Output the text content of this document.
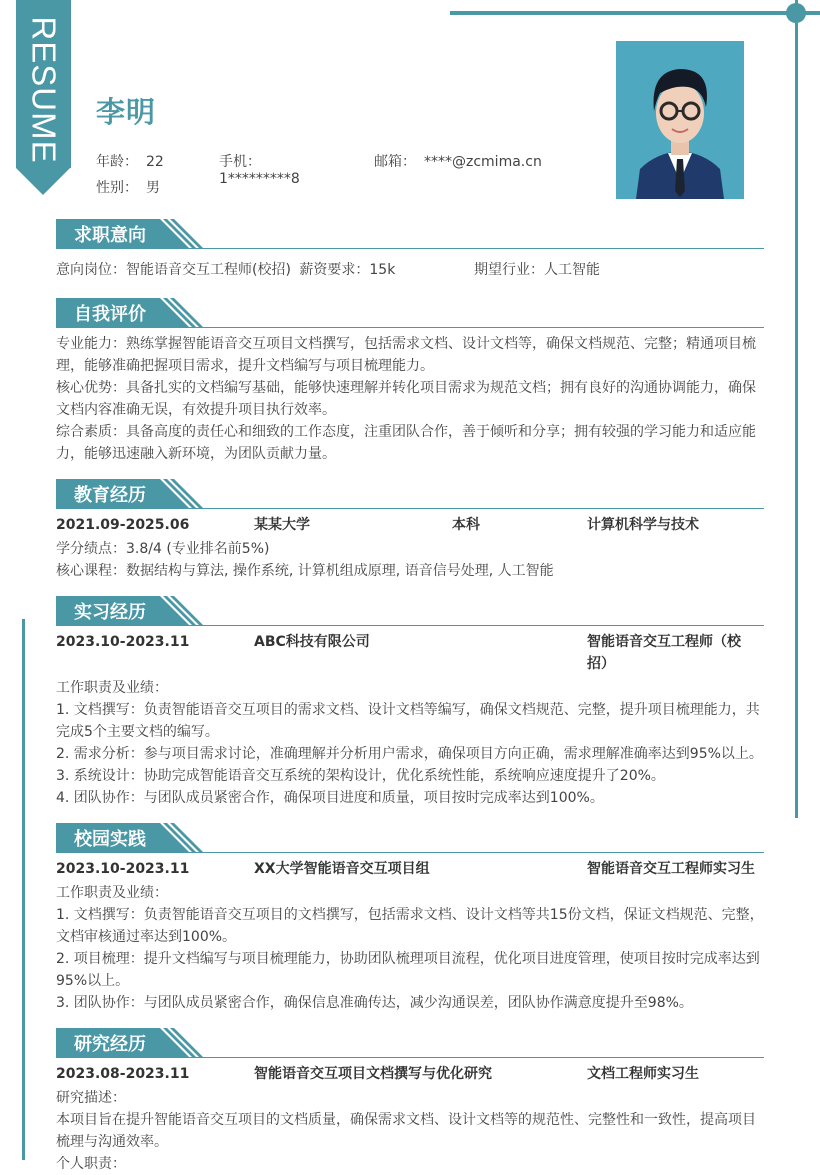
RESUME 李明
年龄： 22	手机：1*********8
邮箱： ****@zcmima.cn
性别： 男
求职意向
意向岗位：智能语音交互工程师(校招) 薪资要求：15k	期望行业：人工智能
自我评价
专业能力：熟练掌握智能语音交互项目文档撰写，包括需求文档、设计文档等，确保文档规范、完整；精通项目梳理，能够准确把握项目需求，提升文档编写与项目梳理能力。
核心优势：具备扎实的文档编写基础，能够快速理解并转化项目需求为规范文档；拥有良好的沟通协调能力，确保文档内容准确无误，有效提升项目执行效率。
综合素质：具备高度的责任心和细致的工作态度，注重团队合作，善于倾听和分享；拥有较强的学习能力和适应能力，能够迅速融入新环境，为团队贡献力量。
教育经历
2021.09-2025.06	某某大学	本科	计算机科学与技术
学分绩点：3.8/4 (专业排名前5%)
核心课程：数据结构与算法, 操作系统, 计算机组成原理, 语音信号处理, 人工智能
实习经历
2023.10-2023.11	ABC科技有限公司	智能语音交互工程师（校招）
工作职责及业绩：
1. 文档撰写：负责智能语音交互项目的需求文档、设计文档等编写，确保文档规范、完整，提升项目梳理能力，共完成5个主要文档的编写。
2. 需求分析：参与项目需求讨论，准确理解并分析用户需求，确保项目方向正确，需求理解准确率达到95%以上。
3. 系统设计：协助完成智能语音交互系统的架构设计，优化系统性能，系统响应速度提升了20%。
4. 团队协作：与团队成员紧密合作，确保项目进度和质量，项目按时完成率达到100%。
校园实践
2023.10-2023.11	XX大学智能语音交互项目组	智能语音交互工程师实习生
工作职责及业绩：
1. 文档撰写：负责智能语音交互项目的文档撰写，包括需求文档、设计文档等共15份文档，保证文档规范、完整，文档审核通过率达到100%。
2. 项目梳理：提升文档编写与项目梳理能力，协助团队梳理项目流程，优化项目进度管理，使项目按时完成率达到95%以上。
3. 团队协作：与团队成员紧密合作，确保信息准确传达，减少沟通误差，团队协作满意度提升至98%。
研究经历
2023.08-2023.11	智能语音交互项目文档撰写与优化研究	文档工程师实习生
研究描述：
本项目旨在提升智能语音交互项目的文档质量，确保需求文档、设计文档等的规范性、完整性和一致性，提高项目梳理与沟通效率。
个人职责：
